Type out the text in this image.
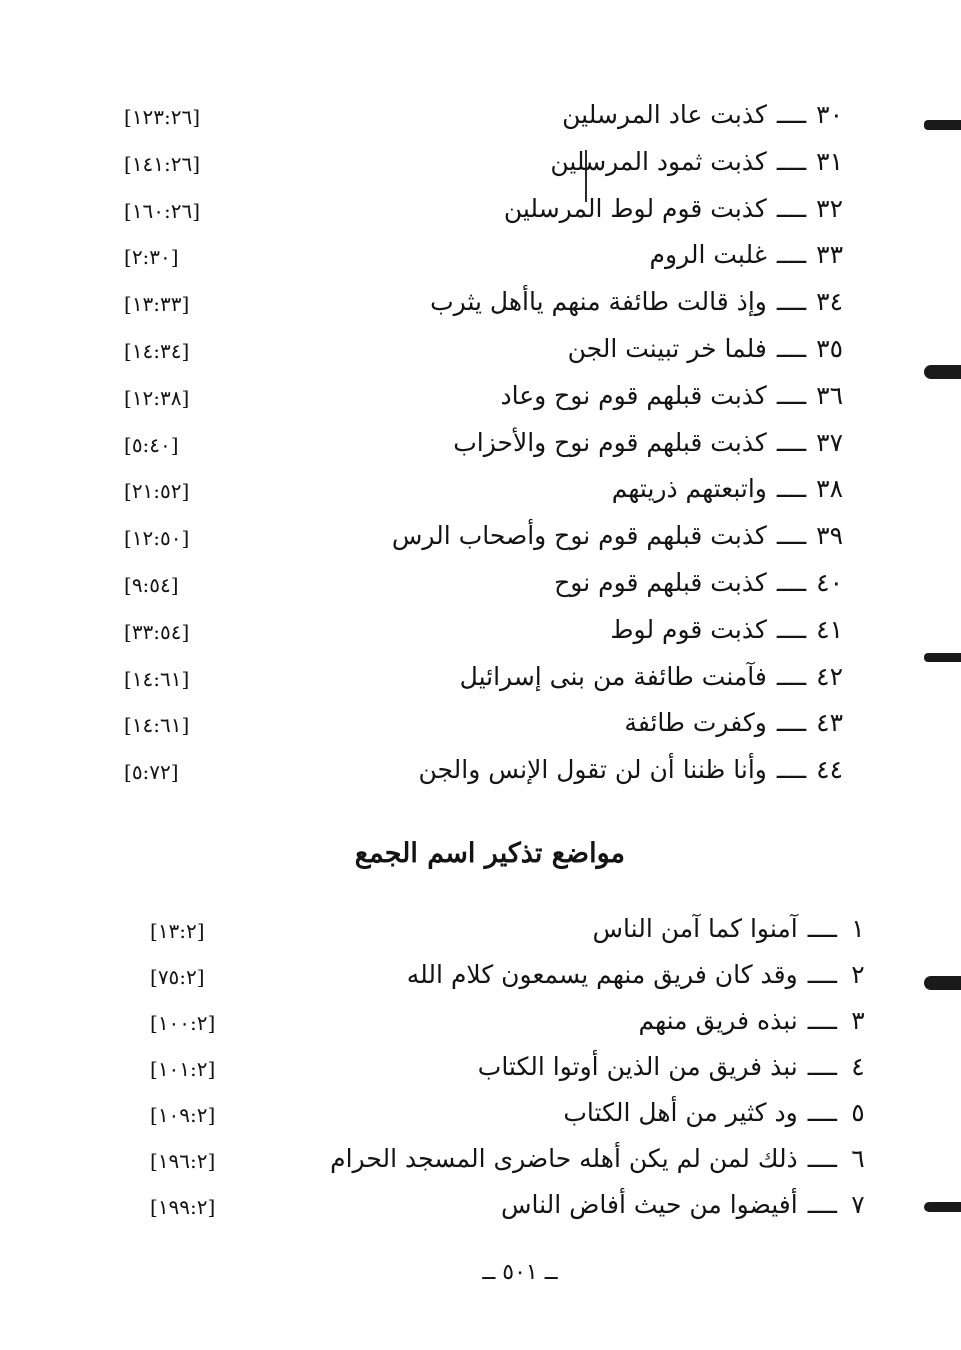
٣٠ــــكذبت عاد المرسلين
[١٢٣:٢٦]
٣١ــــكذبت ثمود المرسلين
[١٤١:٢٦]
٣٢ــــكذبت قوم لوط المرسلين
[١٦٠:٢٦]
٣٣ــــغلبت الروم
[٢:٣٠]
٣٤ــــوإذ قالت طائفة منهم ياأهل يثرب
[١٣:٣٣]
٣٥ــــفلما خر تبينت الجن
[١٤:٣٤]
٣٦ــــكذبت قبلهم قوم نوح وعاد
[١٢:٣٨]
٣٧ــــكذبت قبلهم قوم نوح والأحزاب
[٥:٤٠]
٣٨ــــواتبعتهم ذريتهم
[٢١:٥٢]
٣٩ــــكذبت قبلهم قوم نوح وأصحاب الرس
[١٢:٥٠]
٤٠ــــكذبت قبلهم قوم نوح
[٩:٥٤]
٤١ــــكذبت قوم لوط
[٣٣:٥٤]
٤٢ــــفآمنت طائفة من بنى إسرائيل
[١٤:٦١]
٤٣ــــوكفرت طائفة
[١٤:٦١]
٤٤ــــوأنا ظننا أن لن تقول الإنس والجن
[٥:٧٢]
مواضع تذكير اسم الجمع
١ــــآمنوا كما آمن الناس
[١٣:٢]
٢ــــوقد كان فريق منهم يسمعون كلام الله
[٧٥:٢]
٣ــــنبذه فريق منهم
[١٠٠:٢]
٤ــــنبذ فريق من الذين أوتوا الكتاب
[١٠١:٢]
٥ــــود كثير من أهل الكتاب
[١٠٩:٢]
٦ــــذلك لمن لم يكن أهله حاضرى المسجد الحرام
[١٩٦:٢]
٧ــــأفيضوا من حيث أفاض الناس
[١٩٩:٢]
ــ ٥٠١ ــ
